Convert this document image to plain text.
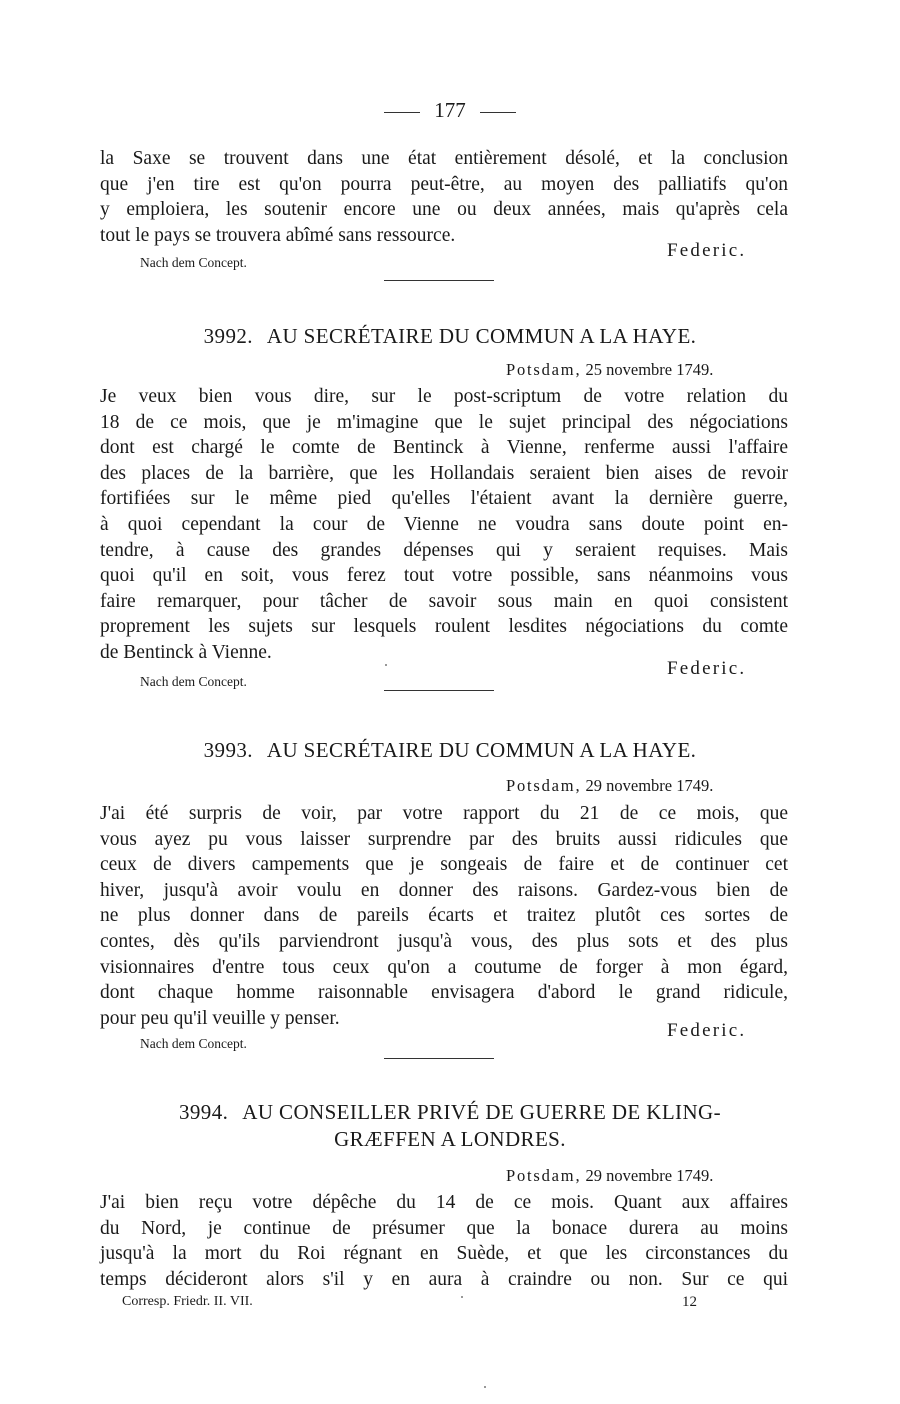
177
la Saxe se trouvent dans une état entièrement désolé, et la conclusion
que j'en tire est qu'on pourra peut-être, au moyen des palliatifs qu'on
y emploiera, les soutenir encore une ou deux années, mais qu'après cela
tout le pays se trouvera abîmé sans ressource.
Federic.
Nach dem Concept.
3992. AU SECRÉTAIRE DU COMMUN A LA HAYE.
Potsdam, 25 novembre 1749.
Je veux bien vous dire, sur le post-scriptum de votre relation du
18 de ce mois, que je m'imagine que le sujet principal des négociations
dont est chargé le comte de Bentinck à Vienne, renferme aussi l'affaire
des places de la barrière, que les Hollandais seraient bien aises de revoir
fortifiées sur le même pied qu'elles l'étaient avant la dernière guerre,
à quoi cependant la cour de Vienne ne voudra sans doute point en-
tendre, à cause des grandes dépenses qui y seraient requises. Mais
quoi qu'il en soit, vous ferez tout votre possible, sans néanmoins vous
faire remarquer, pour tâcher de savoir sous main en quoi consistent
proprement les sujets sur lesquels roulent lesdites négociations du comte
de Bentinck à Vienne.
Federic.
Nach dem Concept.
3993. AU SECRÉTAIRE DU COMMUN A LA HAYE.
Potsdam, 29 novembre 1749.
J'ai été surpris de voir, par votre rapport du 21 de ce mois, que
vous ayez pu vous laisser surprendre par des bruits aussi ridicules que
ceux de divers campements que je songeais de faire et de continuer cet
hiver, jusqu'à avoir voulu en donner des raisons. Gardez-vous bien de
ne plus donner dans de pareils écarts et traitez plutôt ces sortes de
contes, dès qu'ils parviendront jusqu'à vous, des plus sots et des plus
visionnaires d'entre tous ceux qu'on a coutume de forger à mon égard,
dont chaque homme raisonnable envisagera d'abord le grand ridicule,
pour peu qu'il veuille y penser.
Federic.
Nach dem Concept.
3994. AU CONSEILLER PRIVÉ DE GUERRE DE KLING-
GRÆFFEN A LONDRES.
Potsdam, 29 novembre 1749.
J'ai bien reçu votre dépêche du 14 de ce mois. Quant aux affaires
du Nord, je continue de présumer que la bonace durera au moins
jusqu'à la mort du Roi régnant en Suède, et que les circonstances du
temps décideront alors s'il y en aura à craindre ou non. Sur ce qui
Corresp. Friedr. II. VII.	12
